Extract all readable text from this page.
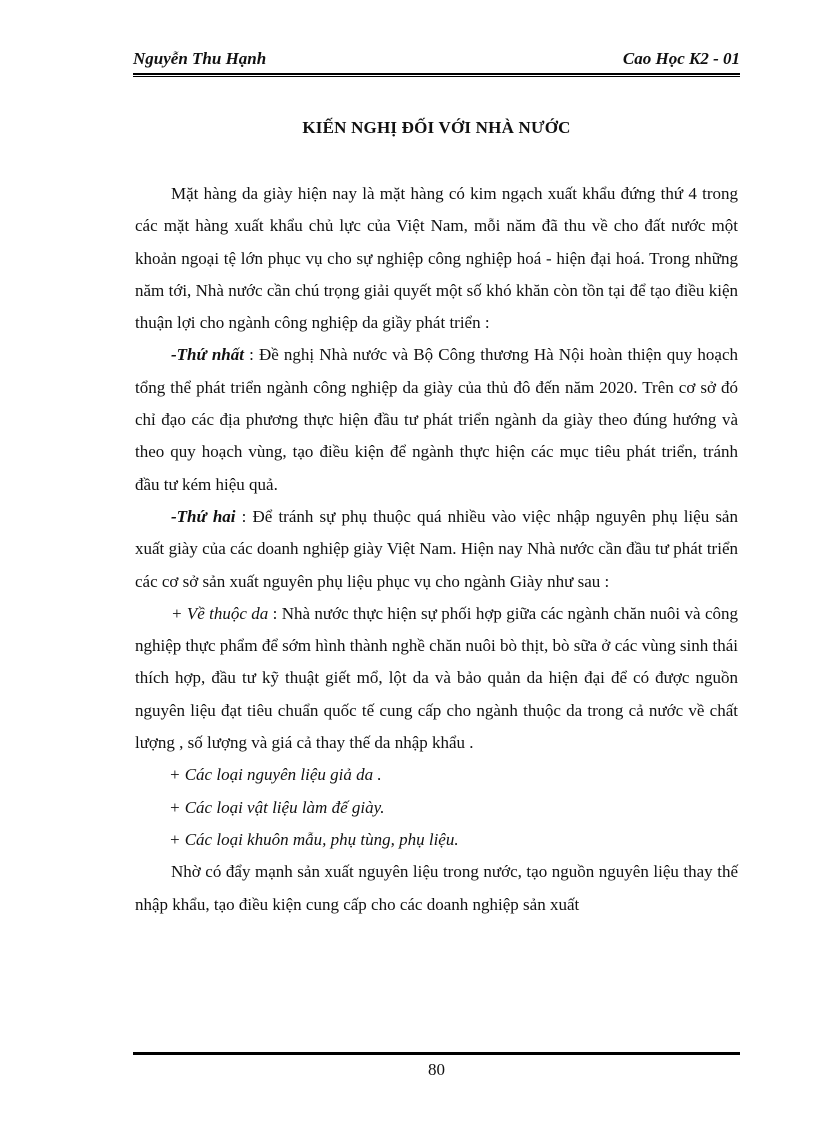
Nguyễn Thu Hạnh	Cao Học K2 - 01
KIẾN NGHỊ ĐỐI VỚI NHÀ NƯỚC

Mặt hàng da giày hiện nay là mặt hàng có kim ngạch xuất khẩu đứng thứ 4 trong các mặt hàng xuất khẩu chủ lực của Việt Nam, mỗi năm đã thu về cho đất nước một khoản ngoại tệ lớn phục vụ cho sự nghiệp công nghiệp hoá - hiện đại hoá. Trong những năm tới, Nhà nước cần chú trọng giải quyết một số khó khăn còn tồn tại để tạo điều kiện thuận lợi cho ngành công nghiệp da giầy phát triển :

-Thứ nhất : Đề nghị Nhà nước và Bộ Công thương Hà Nội hoàn thiện quy hoạch tổng thể phát triển ngành công nghiệp da giày của thủ đô đến năm 2020. Trên cơ sở đó chỉ đạo các địa phương thực hiện đầu tư phát triển ngành da giày theo đúng hướng và theo quy hoạch vùng, tạo điều kiện để ngành thực hiện các mục tiêu phát triển, tránh đầu tư kém hiệu quả.

-Thứ hai : Để tránh sự phụ thuộc quá nhiều vào việc nhập nguyên phụ liệu sản xuất giày của các doanh nghiệp giày Việt Nam. Hiện nay Nhà nước cần đầu tư phát triển các cơ sở sản xuất nguyên phụ liệu phục vụ cho ngành Giày như sau :

+ Về thuộc da : Nhà nước thực hiện sự phối hợp giữa các ngành chăn nuôi và công nghiệp thực phẩm để sớm hình thành nghề chăn nuôi bò thịt, bò sữa ở các vùng sinh thái thích hợp, đầu tư kỹ thuật giết mổ, lột da và bảo quản da hiện đại để có được nguồn nguyên liệu đạt tiêu chuẩn quốc tế cung cấp cho ngành thuộc da trong cả nước về chất lượng , số lượng và giá cả thay thế da nhập khẩu .

+ Các loại nguyên liệu giả da .

+ Các loại vật liệu làm đế giày.

+ Các loại khuôn mẫu, phụ tùng, phụ liệu.

Nhờ có đẩy mạnh sản xuất nguyên liệu trong nước, tạo nguồn nguyên liệu thay thế nhập khẩu, tạo điều kiện cung cấp cho các doanh nghiệp sản xuất

80
